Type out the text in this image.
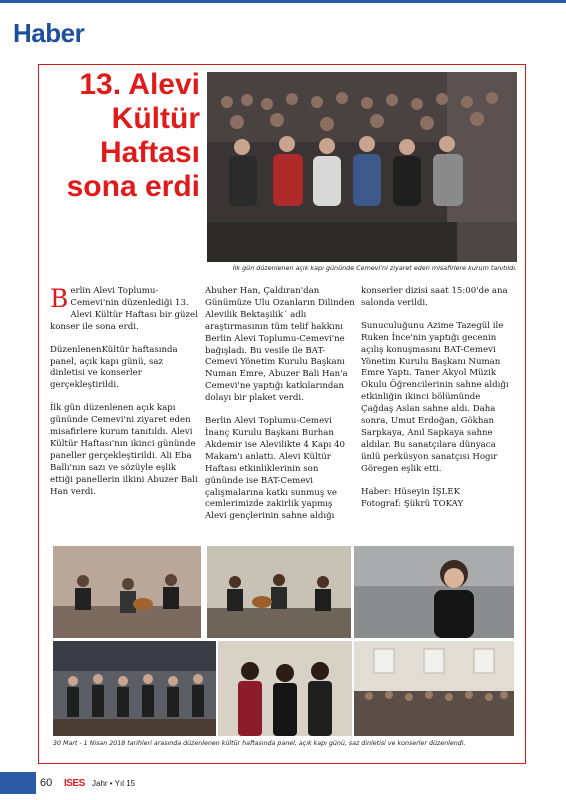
Haber
13. Alevi
Kültür
Haftası
sona erdi
İlk gün düzenlenen açık kapı gününde Cemevi'ni ziyaret eden misafirlere kurum tanıtıldı.

Berlin Alevi Toplumu-Cemevi'nin düzenlediği 13. Alevi Kültür Haftası bir güzel konser ile sona erdi.

DüzenlenenKültür haftasında panel, açık kapı günü, saz dinletisi ve konserler gerçekleştirildi.

İlk gün düzenlenen açık kapı gününde Cemevi'ni ziyaret eden misafirlere kurum tanıtıldı. Alevi Kültür Haftası'nın ikinci gününde paneller gerçekleştirildi. Ali Eba Ballı'nın sazı ve sözüyle eşlik ettiği panellerin ilkini Abuzer Bali Han verdi.

Abuher Han, Çaldıran'dan Günümüze Ulu Ozanların Dilinden Alevilik Bektaşilik´ adlı araştırmasının tüm telif hakkını Berlin Alevi Toplumu-Cemevi'ne bağışladı. Bu vesile ile BAT-Cemevi Yönetim Kurulu Başkanı Numan Emre, Abuzer Bali Han'a Cemevi'ne yaptığı katkılarından dolayı bir plaket verdi.

Berlin Alevi Toplumu-Cemevi İnanç Kurulu Başkanı Burhan Akdemir ise Alevilikte 4 Kapı 40 Makam'ı anlattı. Alevi Kültür Haftası etkinliklerinin son gününde ise BAT-Cemevi çalışmalarına katkı sunmuş ve cemlerimizde zakirlik yapmış Alevi gençlerinin sahne aldığı

konserler dizisi saat 15:00'de ana salonda verildi.

Sunuculuğunu Azime Tazegül ile Ruken İnce'nin yaptığı gecenin açılış konuşmasını BAT-Cemevi Yönetim Kurulu Başkanı Numan Emre Yaptı. Taner Akyol Müzik Okulu Öğrencilerinin sahne aldığı etkinliğin ikinci bölümünde Çağdaş Aslan sahne aldı. Daha sonra, Umut Erdoğan, Gökhan Sarpkaya, Anıl Sapkaya sahne aldılar. Bu sanatçılara dünyaca ünlü perküsyon sanatçısı Hogır Göregen eşlik etti.

Haber: Hüseyin İŞLEK
Fotograf: Şükrü TOKAY
30 Mart - 1 Nisan 2018 tarihleri arasında düzenlenen kültür haftasında panel, açık kapı günü, saz dinletisi ve konserler düzenlendi.
60 ISES Jahr • Yıl 15
